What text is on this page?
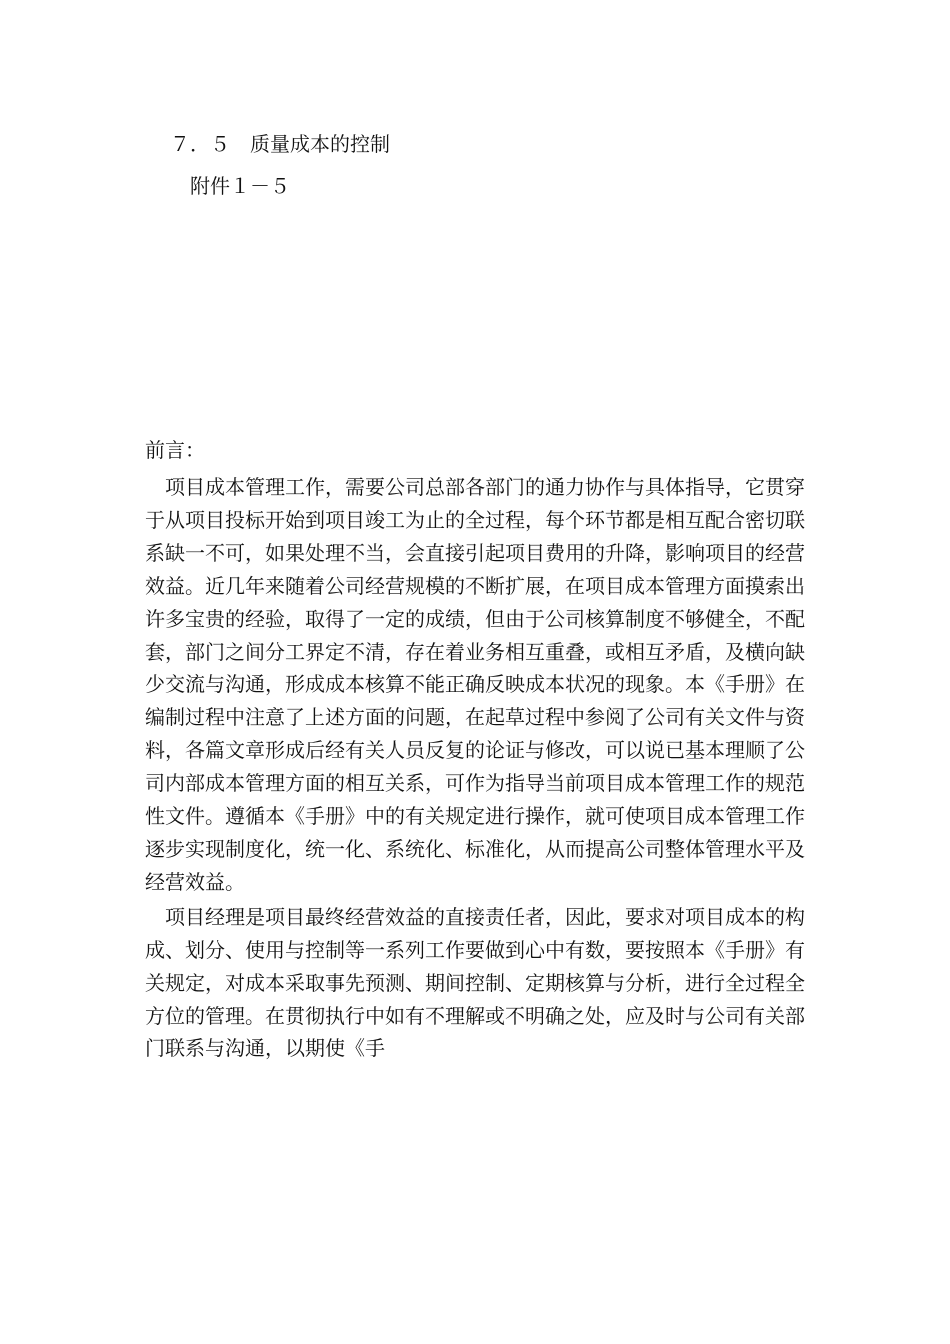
７．５　质量成本的控制
附件１－５
前言：

项目成本管理工作，需要公司总部各部门的通力协作与具体指导，它贯穿于从项目投标开始到项目竣工为止的全过程，每个环节都是相互配合密切联系缺一不可，如果处理不当，会直接引起项目费用的升降，影响项目的经营效益。近几年来随着公司经营规模的不断扩展，在项目成本管理方面摸索出许多宝贵的经验，取得了一定的成绩，但由于公司核算制度不够健全，不配套，部门之间分工界定不清，存在着业务相互重叠，或相互矛盾，及横向缺少交流与沟通，形成成本核算不能正确反映成本状况的现象。本《手册》在编制过程中注意了上述方面的问题，在起草过程中参阅了公司有关文件与资料，各篇文章形成后经有关人员反复的论证与修改，可以说已基本理顺了公司内部成本管理方面的相互关系，可作为指导当前项目成本管理工作的规范性文件。遵循本《手册》中的有关规定进行操作，就可使项目成本管理工作逐步实现制度化，统一化、系统化、标准化，从而提高公司整体管理水平及经营效益。

项目经理是项目最终经营效益的直接责任者，因此，要求对项目成本的构成、划分、使用与控制等一系列工作要做到心中有数，要按照本《手册》有关规定，对成本采取事先预测、期间控制、定期核算与分析，进行全过程全方位的管理。在贯彻执行中如有不理解或不明确之处，应及时与公司有关部门联系与沟通，以期使《手
